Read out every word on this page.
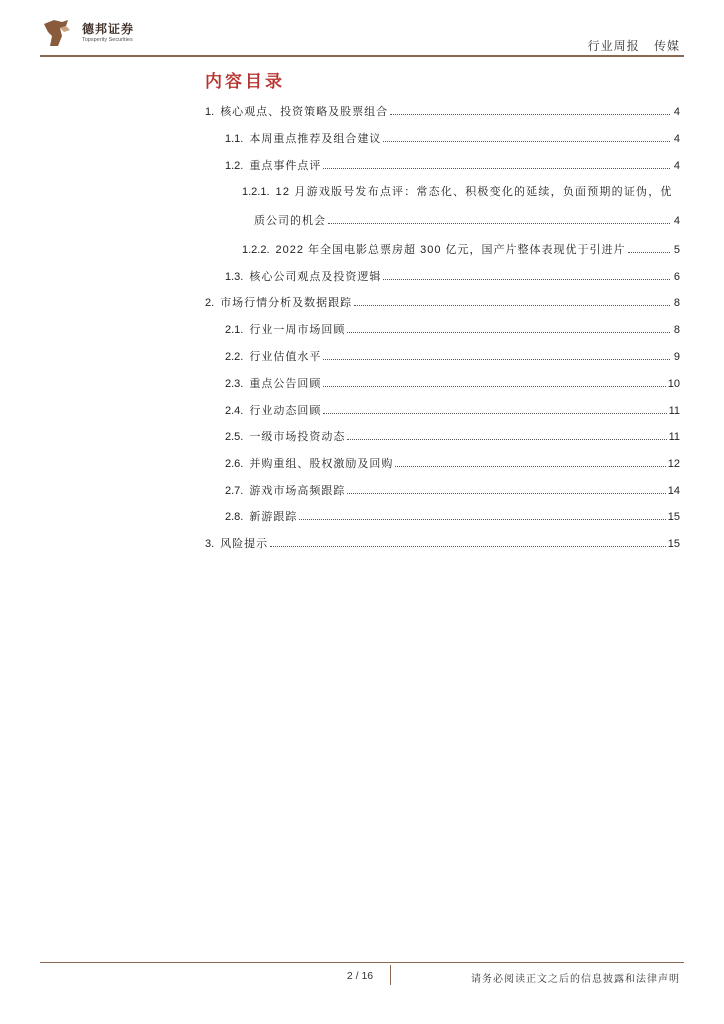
德邦证券
Topsperity Securities	行业周报 传媒
内容目录
1. 核心观点、投资策略及股票组合	4
1.1. 本周重点推荐及组合建议	4
1.2. 重点事件点评	4
1.2.1. 12 月游戏版号发布点评：常态化、积极变化的延续，负面预期的证伪，优
质公司的机会	4
1.2.2. 2022 年全国电影总票房超 300 亿元，国产片整体表现优于引进片	5
1.3. 核心公司观点及投资逻辑	6
2. 市场行情分析及数据跟踪	8
2.1. 行业一周市场回顾	8
2.2. 行业估值水平	9
2.3. 重点公告回顾	10
2.4. 行业动态回顾	11
2.5. 一级市场投资动态	11
2.6. 并购重组、股权激励及回购	12
2.7. 游戏市场高频跟踪	14
2.8. 新游跟踪	15
3. 风险提示	15
2 / 16	请务必阅读正文之后的信息披露和法律声明
